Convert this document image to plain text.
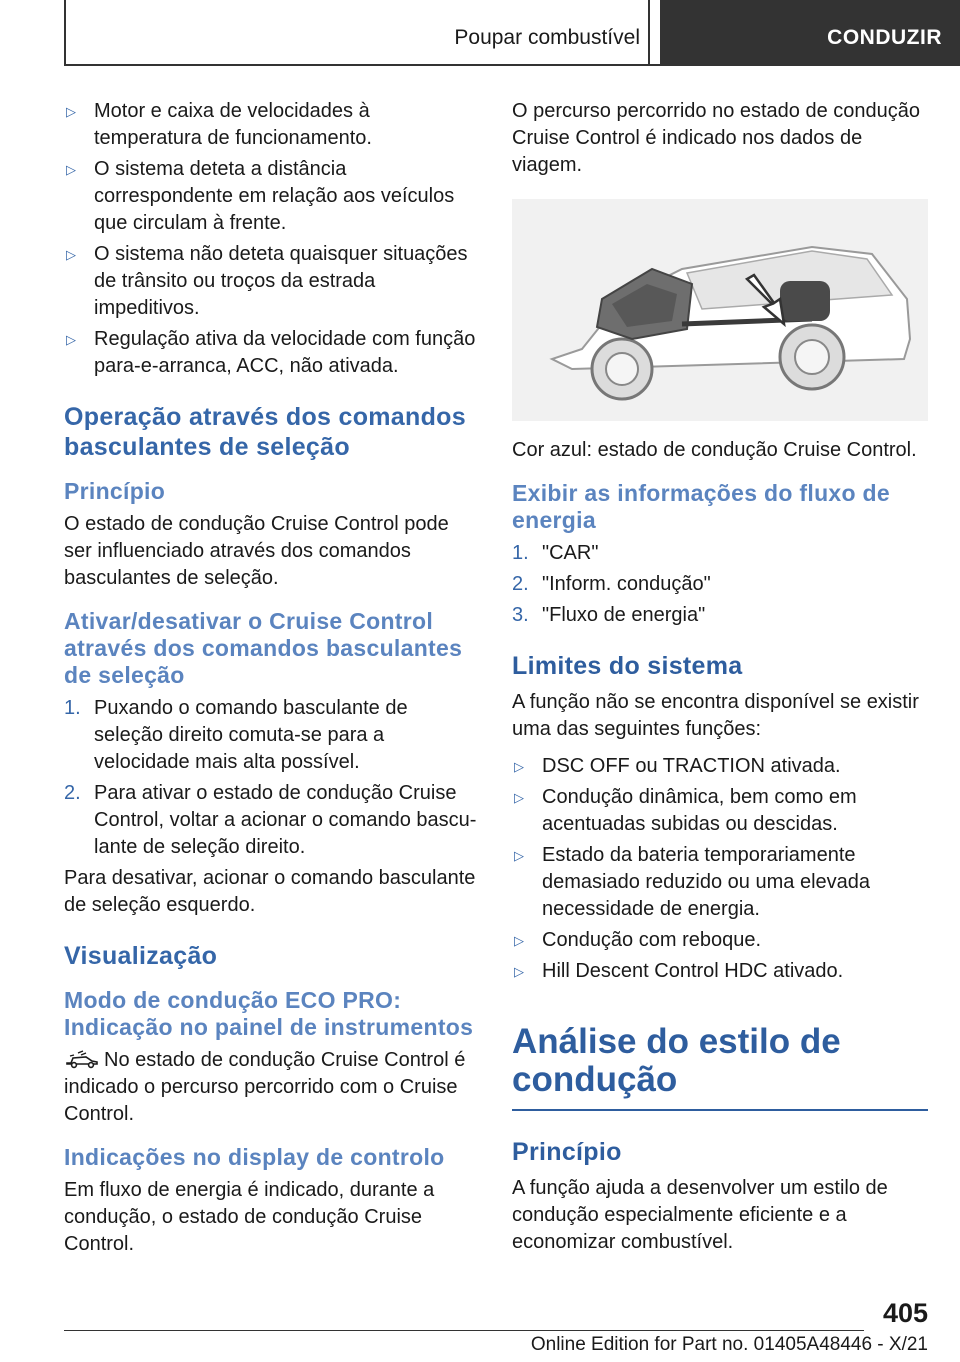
Poupar combustível	CONDUZIR
▷ Motor e caixa de velocidades à temperatura de funcionamento.
▷ O sistema deteta a distância correspondente em relação aos veículos que circulam à frente.
▷ O sistema não deteta quaisquer situações de trânsito ou troços da estrada impeditivos.
▷ Regulação ativa da velocidade com função para-e-arranca, ACC, não ativada.
Operação através dos comandos basculantes de seleção
Princípio

O estado de condução Cruise Control pode ser influenciado através dos comandos basculantes de seleção.

Ativar/desativar o Cruise Control através dos comandos basculantes de seleção
1. Puxando o comando basculante de seleção direito comuta-se para a velocidade mais alta possível.
2. Para ativar o estado de condução Cruise Control, voltar a acionar o comando basculante de seleção direito.

Para desativar, acionar o comando basculante de seleção esquerdo.

Visualização
Modo de condução ECO PRO: Indicação no painel de instrumentos

No estado de condução Cruise Control é indicado o percurso percorrido com o Cruise Control.

Indicações no display de controlo

Em fluxo de energia é indicado, durante a condução, o estado de condução Cruise Control.

O percurso percorrido no estado de condução Cruise Control é indicado nos dados de viagem.

Cor azul: estado de condução Cruise Control.

Exibir as informações do fluxo de energia
1. "CAR"
2. "Inform. condução"
3. "Fluxo de energia"
Limites do sistema

A função não se encontra disponível se existir uma das seguintes funções:

▷ DSC OFF ou TRACTION ativada.
▷ Condução dinâmica, bem como em acentuadas subidas ou descidas.
▷ Estado da bateria temporariamente demasiado reduzido ou uma elevada necessidade de energia.
▷ Condução com reboque.
▷ Hill Descent Control HDC ativado.
Análise do estilo de condução
Princípio

A função ajuda a desenvolver um estilo de condução especialmente eficiente e a economizar combustível.

405
Online Edition for Part no. 01405A48446 - X/21
